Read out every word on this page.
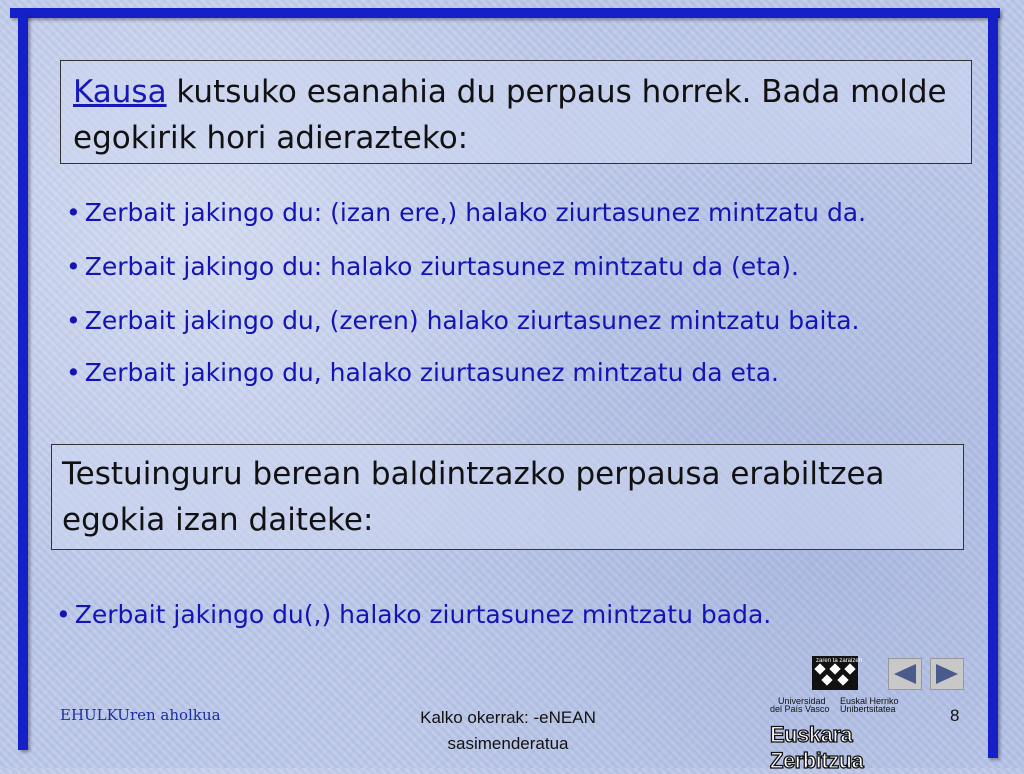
Kausa kutsuko esanahia du perpaus horrek. Bada molde egokirik hori adierazteko:
• Zerbait jakingo du: (izan ere,) halako ziurtasunez mintzatu da.
• Zerbait jakingo du: halako ziurtasunez mintzatu da (eta).
• Zerbait jakingo du, (zeren) halako ziurtasunez mintzatu baita.
• Zerbait jakingo du, halako ziurtasunez mintzatu da eta.
Testuinguru berean baldintzazko perpausa erabiltzea egokia izan daiteke:
• Zerbait jakingo du(,) halako ziurtasunez mintzatu bada.
zaren ta zaraizen
Universidad
del País Vasco
Euskal Herriko
Unibertsitatea
Euskara Zerbitzua
EHULKUren aholkua	Kalko okerrak: -eNEAN
sasimenderatua
8
